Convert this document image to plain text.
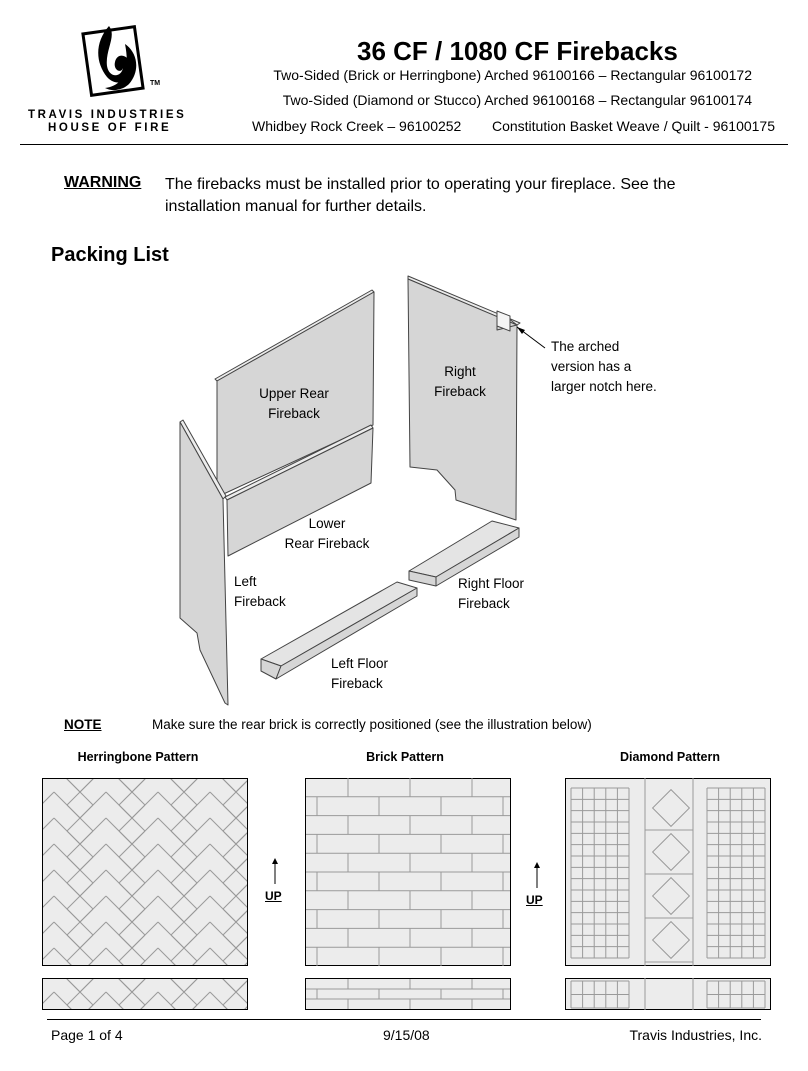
TM
TRAVIS INDUSTRIES
HOUSE OF FIRE
36 CF / 1080 CF Firebacks
Two-Sided (Brick or Herringbone) Arched 96100166 – Rectangular 96100172
Two-Sided (Diamond or Stucco) Arched 96100168 – Rectangular 96100174
Whidbey Rock Creek – 96100252 Constitution Basket Weave / Quilt - 96100175
WARNING The firebacks must be installed prior to operating your fireplace. See the installation manual for further details.
Packing List
Upper Rear
Fireback
Right
Fireback
The arched
version has a
larger notch here.
Lower
Rear Fireback
Left
Fireback
Right Floor
Fireback
Left Floor
Fireback
NOTE	Make sure the rear brick is correctly positioned (see the illustration below)
Herringbone Pattern	Brick Pattern	Diamond Pattern
UP	UP
Page 1 of 4	9/15/08	Travis Industries, Inc.
